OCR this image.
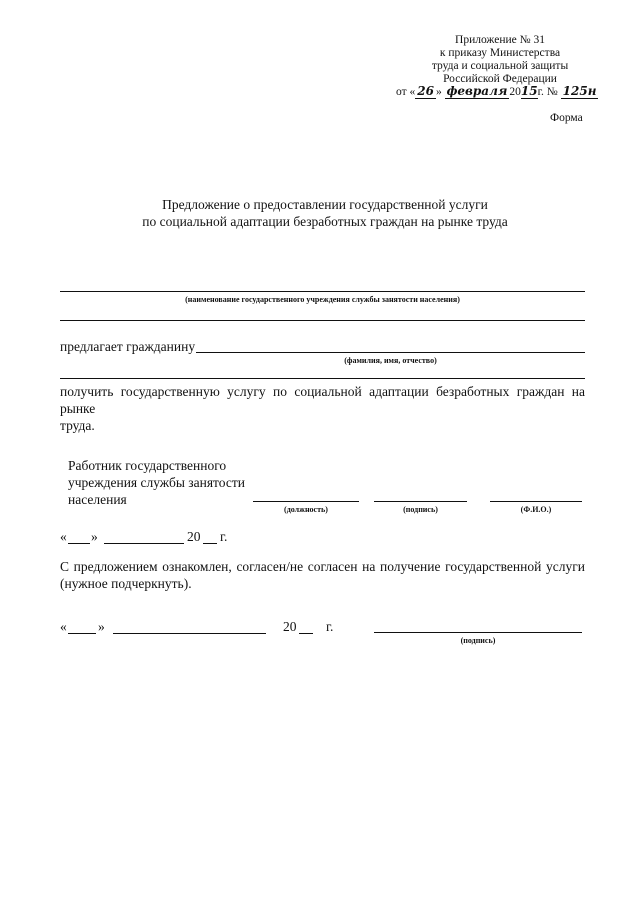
Приложение № 31
к приказу Министерства
труда и социальной защиты
Российской Федерации
от « 26 » февраля 2015г. № 125н
Форма
Предложение о предоставлении государственной услуги
по социальной адаптации безработных граждан на рынке труда
(наименование государственного учреждения службы занятости населения)
предлагает гражданину
(фамилия, имя, отчество)
получить государственную услугу по социальной адаптации безработных граждан на рынке
труда.
Работник государственного
учреждения службы занятости
населения
(должность)	(подпись)	(Ф.И.О.)
« »	20 г.
С предложением ознакомлен, согласен/не согласен на получение государственной услуги
(нужное подчеркнуть).
« »	20 г.
(подпись)
